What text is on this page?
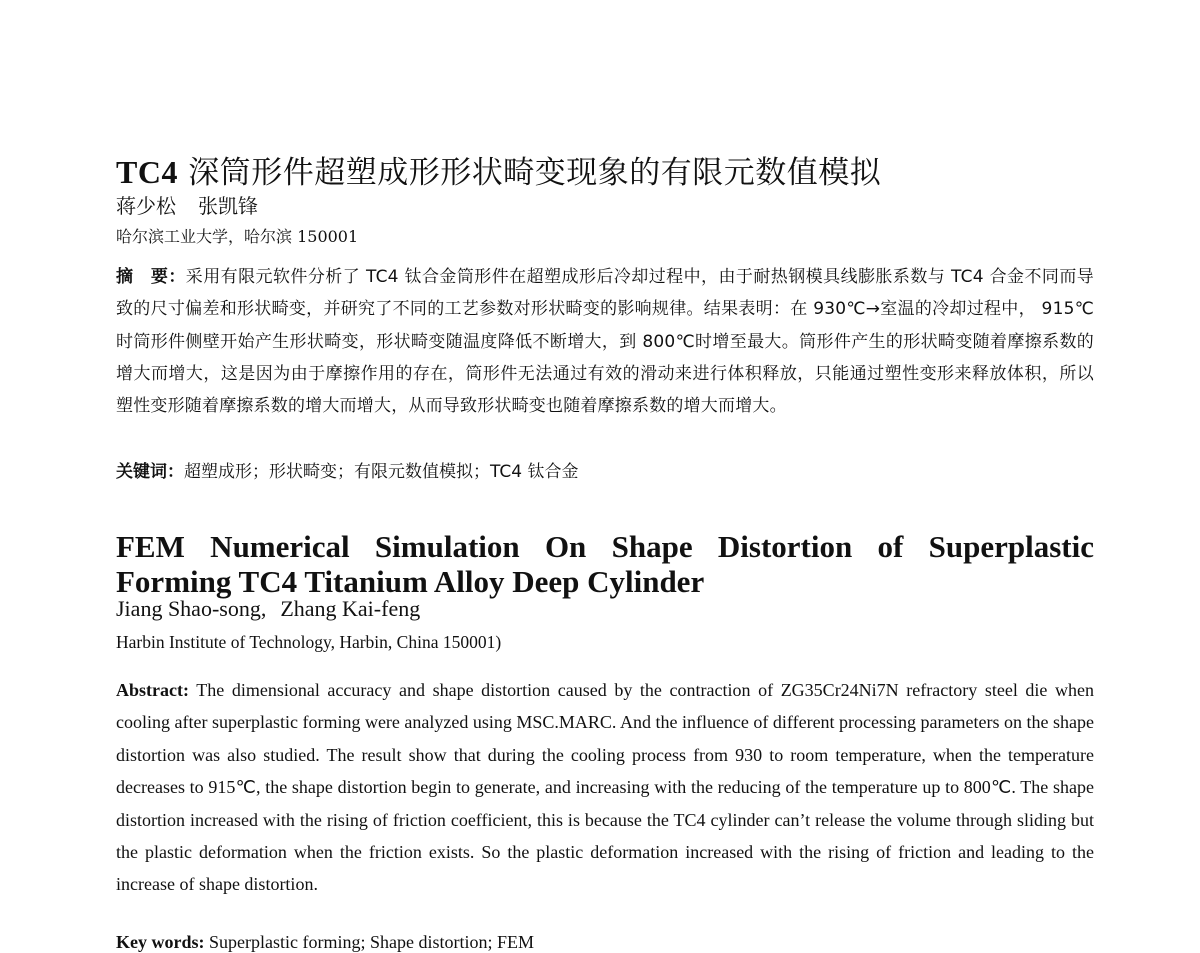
TC4 深筒形件超塑成形形状畸变现象的有限元数值模拟
蒋少松 张凯锋
哈尔滨工业大学，哈尔滨 150001
摘　要：采用有限元软件分析了 TC4 钛合金筒形件在超塑成形后冷却过程中，由于耐热钢模具线膨胀系数与 TC4 合金不同而导致的尺寸偏差和形状畸变，并研究了不同的工艺参数对形状畸变的影响规律。结果表明：在 930℃→室温的冷却过程中， 915℃时筒形件侧壁开始产生形状畸变，形状畸变随温度降低不断增大，到 800℃时增至最大。筒形件产生的形状畸变随着摩擦系数的增大而增大，这是因为由于摩擦作用的存在，筒形件无法通过有效的滑动来进行体积释放，只能通过塑性变形来释放体积，所以塑性变形随着摩擦系数的增大而增大，从而导致形状畸变也随着摩擦系数的增大而增大。
关键词：超塑成形；形状畸变；有限元数值模拟；TC4 钛合金
FEM Numerical Simulation On Shape Distortion of Superplastic Forming TC4 Titanium Alloy Deep Cylinder
Jiang Shao-song, Zhang Kai-feng
Harbin Institute of Technology, Harbin, China 150001)
Abstract: The dimensional accuracy and shape distortion caused by the contraction of ZG35Cr24Ni7N refractory steel die when cooling after superplastic forming were analyzed using MSC.MARC. And the influence of different processing parameters on the shape distortion was also studied. The result show that during the cooling process from 930 to room temperature, when the temperature decreases to 915℃, the shape distortion begin to generate, and increasing with the reducing of the temperature up to 800℃. The shape distortion increased with the rising of friction coefficient, this is because the TC4 cylinder can’t release the volume through sliding but the plastic deformation when the friction exists. So the plastic deformation increased with the rising of friction and leading to the increase of shape distortion.
Key words: Superplastic forming; Shape distortion; FEM
